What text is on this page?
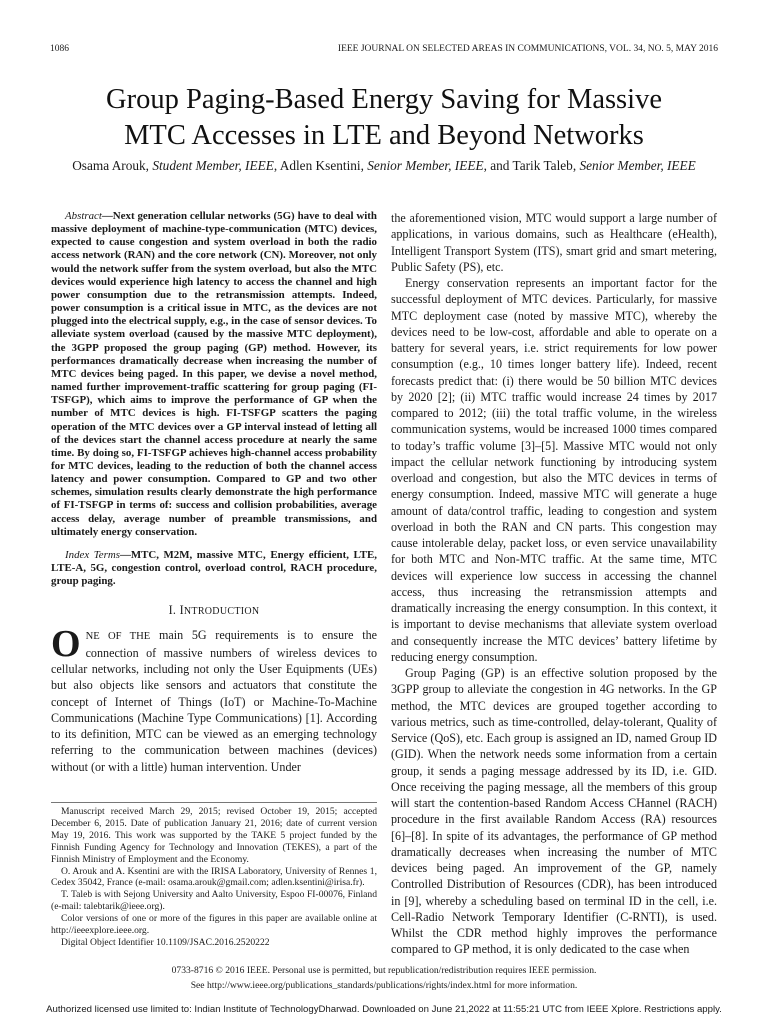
1086	IEEE JOURNAL ON SELECTED AREAS IN COMMUNICATIONS, VOL. 34, NO. 5, MAY 2016
Group Paging-Based Energy Saving for Massive
MTC Accesses in LTE and Beyond Networks
Osama Arouk, Student Member, IEEE, Adlen Ksentini, Senior Member, IEEE, and Tarik Taleb, Senior Member, IEEE

Abstract—Next generation cellular networks (5G) have to deal with massive deployment of machine-type-communication (MTC) devices, expected to cause congestion and system overload in both the radio access network (RAN) and the core network (CN). Moreover, not only would the network suffer from the system overload, but also the MTC devices would experience high latency to access the channel and high power consumption due to the retransmission attempts. Indeed, power consumption is a critical issue in MTC, as the devices are not plugged into the electrical supply, e.g., in the case of sensor devices. To alleviate system overload (caused by the massive MTC deployment), the 3GPP proposed the group paging (GP) method. However, its performances dramatically decrease when increasing the number of MTC devices being paged. In this paper, we devise a novel method, named further improvement-traffic scattering for group paging (FI-TSFGP), which aims to improve the performance of GP when the number of MTC devices is high. FI-TSFGP scatters the paging operation of the MTC devices over a GP interval instead of letting all of the devices start the channel access procedure at nearly the same time. By doing so, FI-TSFGP achieves high-channel access probability for MTC devices, leading to the reduction of both the channel access latency and power consumption. Compared to GP and two other schemes, simulation results clearly demonstrate the high performance of FI-TSFGP in terms of: success and collision probabilities, average access delay, average number of preamble transmissions, and ultimately energy conservation.

Index Terms—MTC, M2M, massive MTC, Energy efficient, LTE, LTE-A, 5G, congestion control, overload control, RACH procedure, group paging.

I. INTRODUCTION

ONE OF THE main 5G requirements is to ensure the connection of massive numbers of wireless devices to cellular networks, including not only the User Equipments (UEs) but also objects like sensors and actuators that constitute the concept of Internet of Things (IoT) or Machine-To-Machine Communications (Machine Type Communications) [1]. According to its definition, MTC can be viewed as an emerging technology referring to the communication between machines (devices) without (or with a little) human intervention. Under

Manuscript received March 29, 2015; revised October 19, 2015; accepted December 6, 2015. Date of publication January 21, 2016; date of current version May 19, 2016. This work was supported by the TAKE 5 project funded by the Finnish Funding Agency for Technology and Innovation (TEKES), a part of the Finnish Ministry of Employment and the Economy.

O. Arouk and A. Ksentini are with the IRISA Laboratory, University of Rennes 1, Cedex 35042, France (e-mail: osama.arouk@gmail.com; adlen.ksentini@irisa.fr).

T. Taleb is with Sejong University and Aalto University, Espoo FI-00076, Finland (e-mail: talebtarik@ieee.org).

Color versions of one or more of the figures in this paper are available online at http://ieeexplore.ieee.org.

Digital Object Identifier 10.1109/JSAC.2016.2520222

the aforementioned vision, MTC would support a large number of applications, in various domains, such as Healthcare (eHealth), Intelligent Transport System (ITS), smart grid and smart metering, Public Safety (PS), etc.

Energy conservation represents an important factor for the successful deployment of MTC devices. Particularly, for massive MTC deployment case (noted by massive MTC), whereby the devices need to be low-cost, affordable and able to operate on a battery for several years, i.e. strict requirements for low power consumption (e.g., 10 times longer battery life). Indeed, recent forecasts predict that: (i) there would be 50 billion MTC devices by 2020 [2]; (ii) MTC traffic would increase 24 times by 2017 compared to 2012; (iii) the total traffic volume, in the wireless communication systems, would be increased 1000 times compared to today’s traffic volume [3]–[5]. Massive MTC would not only impact the cellular network functioning by introducing system overload and congestion, but also the MTC devices in terms of energy consumption. Indeed, massive MTC will generate a huge amount of data/control traffic, leading to congestion and system overload in both the RAN and CN parts. This congestion may cause intolerable delay, packet loss, or even service unavailability for both MTC and Non-MTC traffic. At the same time, MTC devices will experience low success in accessing the channel access, thus increasing the retransmission attempts and dramatically increasing the energy consumption. In this context, it is important to devise mechanisms that alleviate system overload and consequently increase the MTC devices’ battery lifetime by reducing energy consumption.

Group Paging (GP) is an effective solution proposed by the 3GPP group to alleviate the congestion in 4G networks. In the GP method, the MTC devices are grouped together according to various metrics, such as time-controlled, delay-tolerant, Quality of Service (QoS), etc. Each group is assigned an ID, named Group ID (GID). When the network needs some information from a certain group, it sends a paging message addressed by its ID, i.e. GID. Once receiving the paging message, all the members of this group will start the contention-based Random Access CHannel (RACH) procedure in the first available Random Access (RA) resources [6]–[8]. In spite of its advantages, the performance of GP method dramatically decreases when increasing the number of MTC devices being paged. An improvement of the GP, namely Controlled Distribution of Resources (CDR), has been introduced in [9], whereby a scheduling based on terminal ID in the cell, i.e. Cell-Radio Network Temporary Identifier (C-RNTI), is used. Whilst the CDR method highly improves the performance compared to GP method, it is only dedicated to the case when

0733-8716 © 2016 IEEE. Personal use is permitted, but republication/redistribution requires IEEE permission.
See http://www.ieee.org/publications_standards/publications/rights/index.html for more information.
Authorized licensed use limited to: Indian Institute of TechnologyDharwad. Downloaded on June 21,2022 at 11:55:21 UTC from IEEE Xplore. Restrictions apply.
